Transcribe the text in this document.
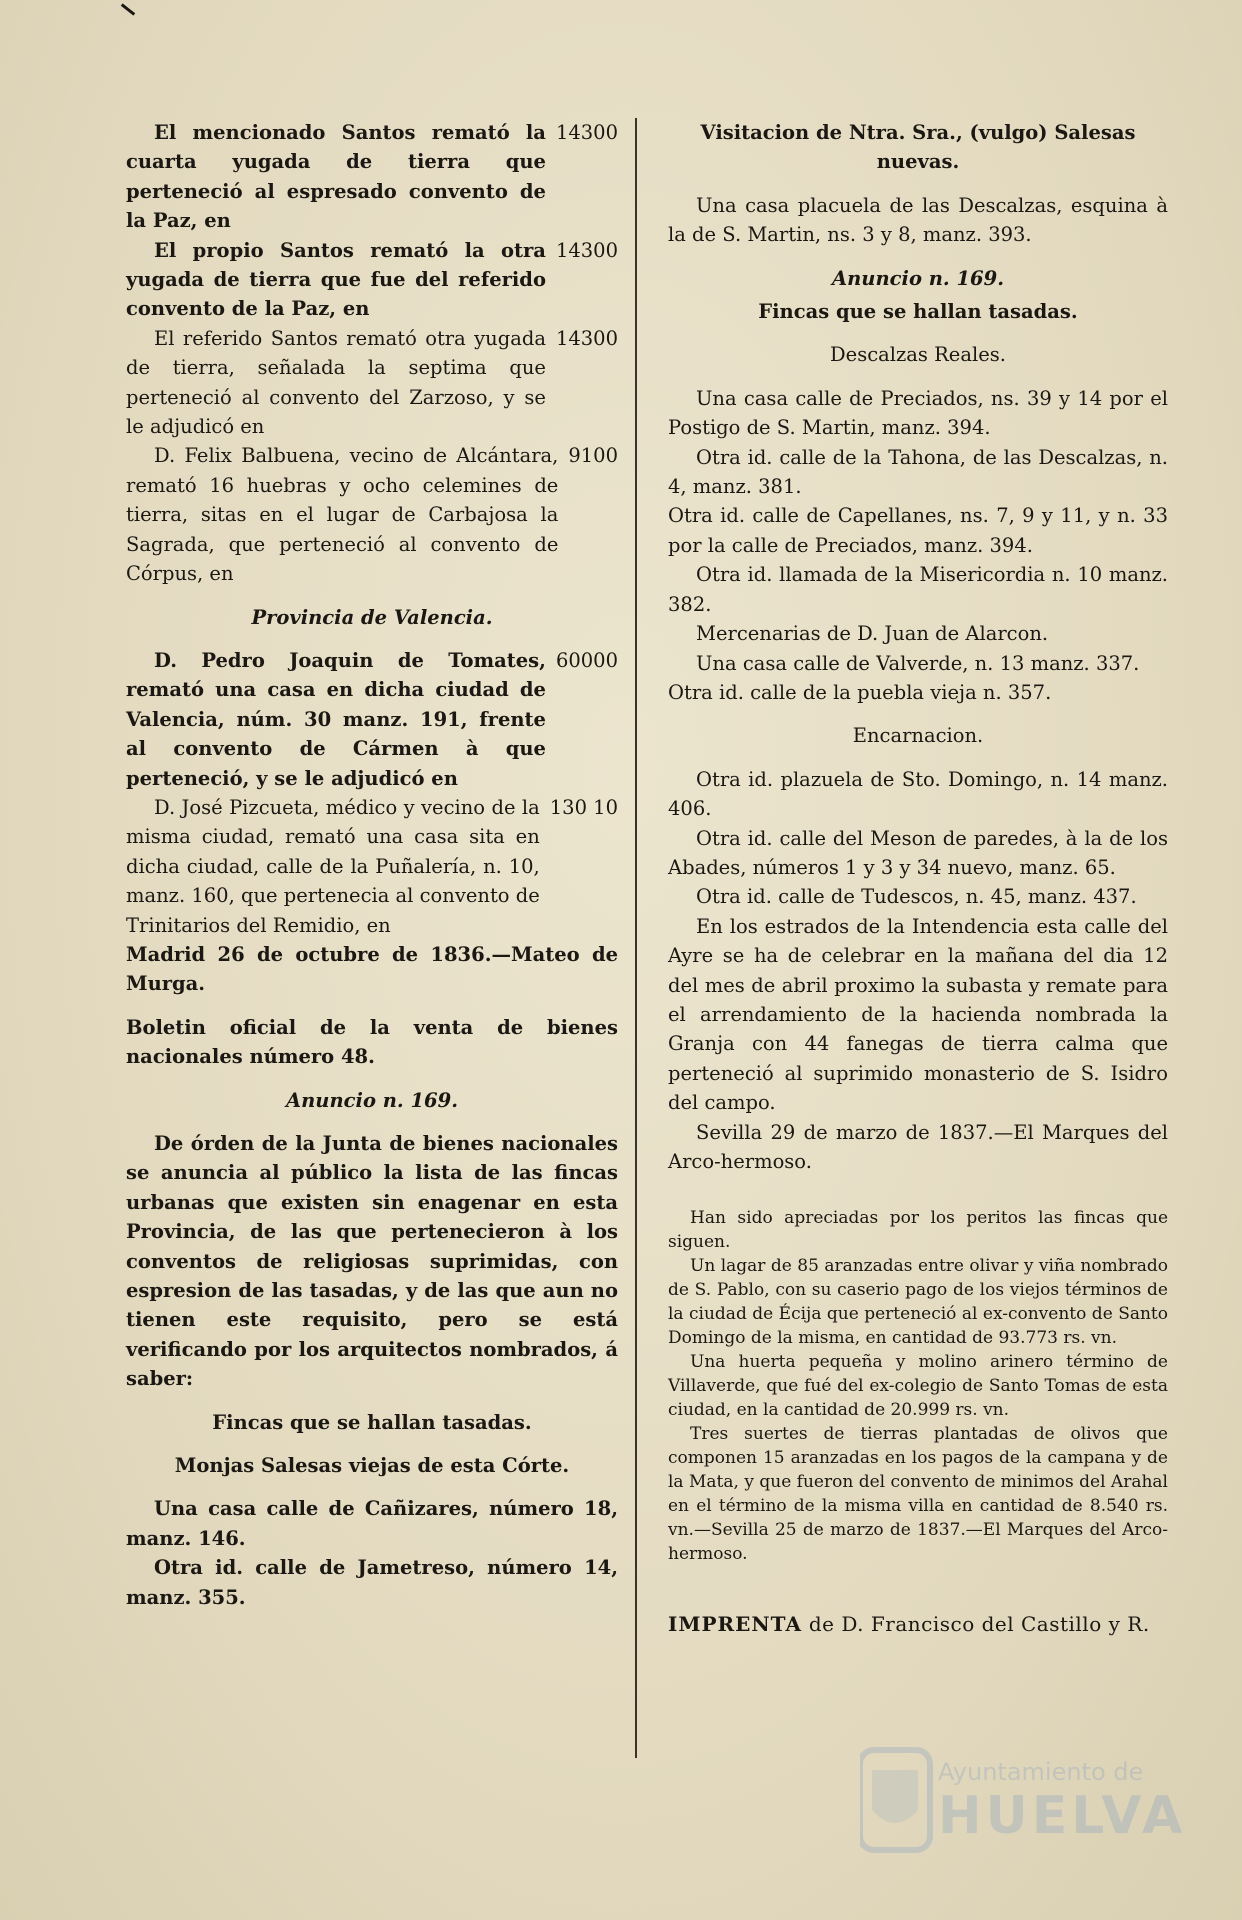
El mencionado Santos remató la cuarta yugada de tierra que perteneció al espresado convento de la Paz, en
14300
El propio Santos remató la otra yugada de tierra que fue del referido convento de la Paz, en
14300
El referido Santos remató otra yugada de tierra, señalada la septima que perteneció al convento del Zarzoso, y se le adjudicó en
14300
D. Felix Balbuena, vecino de Alcántara, remató 16 huebras y ocho celemines de tierra, sitas en el lugar de Carbajosa la Sagrada, que perteneció al convento de Córpus, en
9100

Provincia de Valencia.

D. Pedro Joaquin de Tomates, remató una casa en dicha ciudad de Valencia, núm. 30 manz. 191, frente al convento de Cármen à que perteneció, y se le adjudicó en
60000
D. José Pizcueta, médico y vecino de la misma ciudad, remató una casa sita en dicha ciudad, calle de la Puñalería, n. 10, manz. 160, que pertenecia al convento de Trinitarios del Remidio, en
130 10

Madrid 26 de octubre de 1836.—Mateo de Murga.

Boletin oficial de la venta de bienes nacionales número 48.

Anuncio n. 169.

De órden de la Junta de bienes nacionales se anuncia al público la lista de las fincas urbanas que existen sin enagenar en esta Provincia, de las que pertenecieron à los conventos de religiosas suprimidas, con espresion de las tasadas, y de las que aun no tienen este requisito, pero se está verificando por los arquitectos nombrados, á saber:

Fincas que se hallan tasadas.

Monjas Salesas viejas de esta Córte.

Una casa calle de Cañizares, número 18, manz. 146.

Otra id. calle de Jametreso, número 14, manz. 355.

Visitacion de Ntra. Sra., (vulgo) Salesas nuevas.

Una casa placuela de las Descalzas, esquina à la de S. Martin, ns. 3 y 8, manz. 393.

Anuncio n. 169.

Fincas que se hallan tasadas.

Descalzas Reales.

Una casa calle de Preciados, ns. 39 y 14 por el Postigo de S. Martin, manz. 394.

Otra id. calle de la Tahona, de las Descalzas, n. 4, manz. 381.

Otra id. calle de Capellanes, ns. 7, 9 y 11, y n. 33 por la calle de Preciados, manz. 394.

Otra id. llamada de la Misericordia n. 10 manz. 382.

Mercenarias de D. Juan de Alarcon.

Una casa calle de Valverde, n. 13 manz. 337.

Otra id. calle de la puebla vieja n. 357.

Encarnacion.

Otra id. plazuela de Sto. Domingo, n. 14 manz. 406.

Otra id. calle del Meson de paredes, à la de los Abades, números 1 y 3 y 34 nuevo, manz. 65.

Otra id. calle de Tudescos, n. 45, manz. 437.

En los estrados de la Intendencia esta calle del Ayre se ha de celebrar en la mañana del dia 12 del mes de abril proximo la subasta y remate para el arrendamiento de la hacienda nombrada la Granja con 44 fanegas de tierra calma que perteneció al suprimido monasterio de S. Isidro del campo.

Sevilla 29 de marzo de 1837.—El Marques del Arco-hermoso.

Han sido apreciadas por los peritos las fincas que siguen.

Un lagar de 85 aranzadas entre olivar y viña nombrado de S. Pablo, con su caserio pago de los viejos términos de la ciudad de Écija que perteneció al ex-convento de Santo Domingo de la misma, en cantidad de 93.773 rs. vn.

Una huerta pequeña y molino arinero término de Villaverde, que fué del ex-colegio de Santo Tomas de esta ciudad, en la cantidad de 20.999 rs. vn.

Tres suertes de tierras plantadas de olivos que componen 15 aranzadas en los pagos de la campana y de la Mata, y que fueron del convento de minimos del Arahal en el término de la misma villa en cantidad de 8.540 rs. vn.—Sevilla 25 de marzo de 1837.—El Marques del Arco-hermoso.

IMPRENTA de D. Francisco del Castillo y R.

Ayuntamiento de
HUELVA
